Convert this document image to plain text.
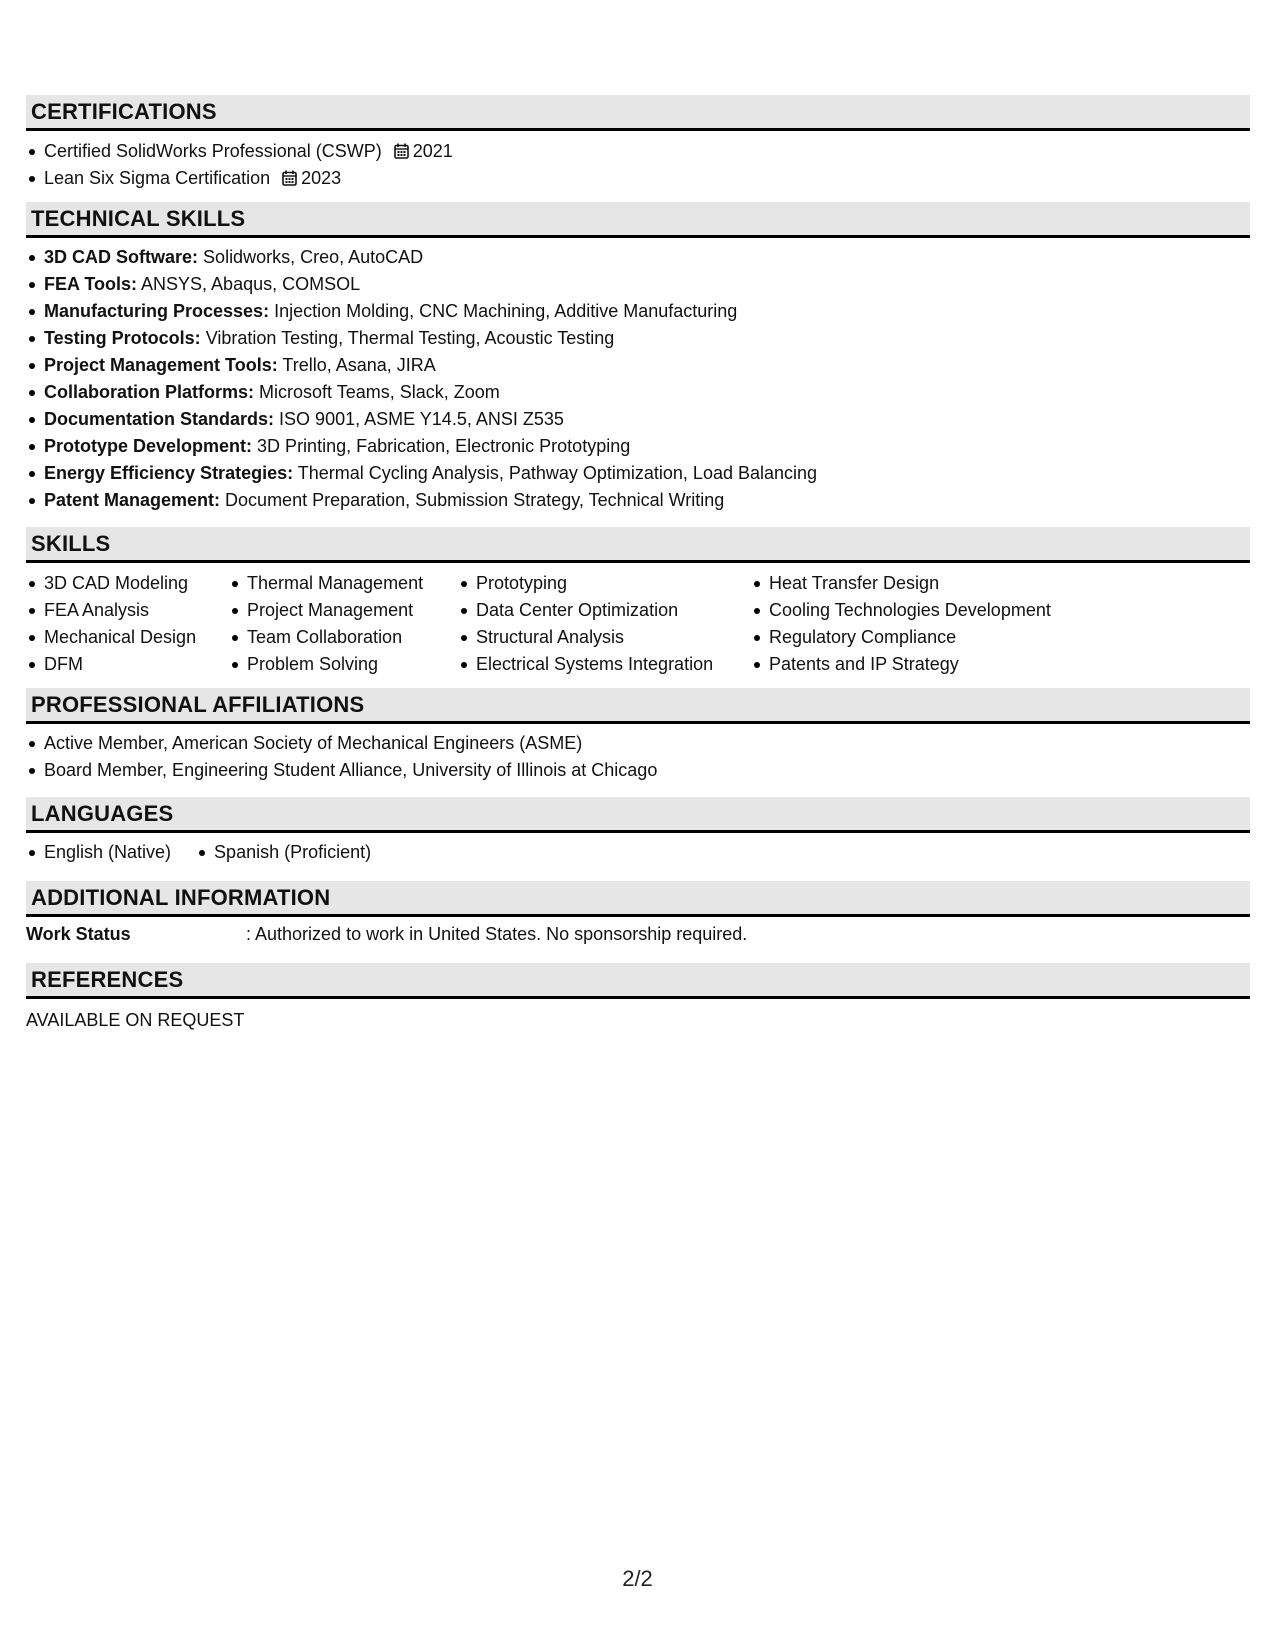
CERTIFICATIONS
Certified SolidWorks Professional (CSWP) 2021
Lean Six Sigma Certification 2023
TECHNICAL SKILLS
3D CAD Software: Solidworks, Creo, AutoCAD
FEA Tools: ANSYS, Abaqus, COMSOL
Manufacturing Processes: Injection Molding, CNC Machining, Additive Manufacturing
Testing Protocols: Vibration Testing, Thermal Testing, Acoustic Testing
Project Management Tools: Trello, Asana, JIRA
Collaboration Platforms: Microsoft Teams, Slack, Zoom
Documentation Standards: ISO 9001, ASME Y14.5, ANSI Z535
Prototype Development: 3D Printing, Fabrication, Electronic Prototyping
Energy Efficiency Strategies: Thermal Cycling Analysis, Pathway Optimization, Load Balancing
Patent Management: Document Preparation, Submission Strategy, Technical Writing
SKILLS
3D CAD Modeling
FEA Analysis
Mechanical Design
DFM
Thermal Management
Project Management
Team Collaboration
Problem Solving
Prototyping
Data Center Optimization
Structural Analysis
Electrical Systems Integration
Heat Transfer Design
Cooling Technologies Development
Regulatory Compliance
Patents and IP Strategy
PROFESSIONAL AFFILIATIONS
Active Member, American Society of Mechanical Engineers (ASME)
Board Member, Engineering Student Alliance, University of Illinois at Chicago
LANGUAGES
English (Native)	Spanish (Proficient)
ADDITIONAL INFORMATION
Work Status	: Authorized to work in United States. No sponsorship required.
REFERENCES
AVAILABLE ON REQUEST
2/2
